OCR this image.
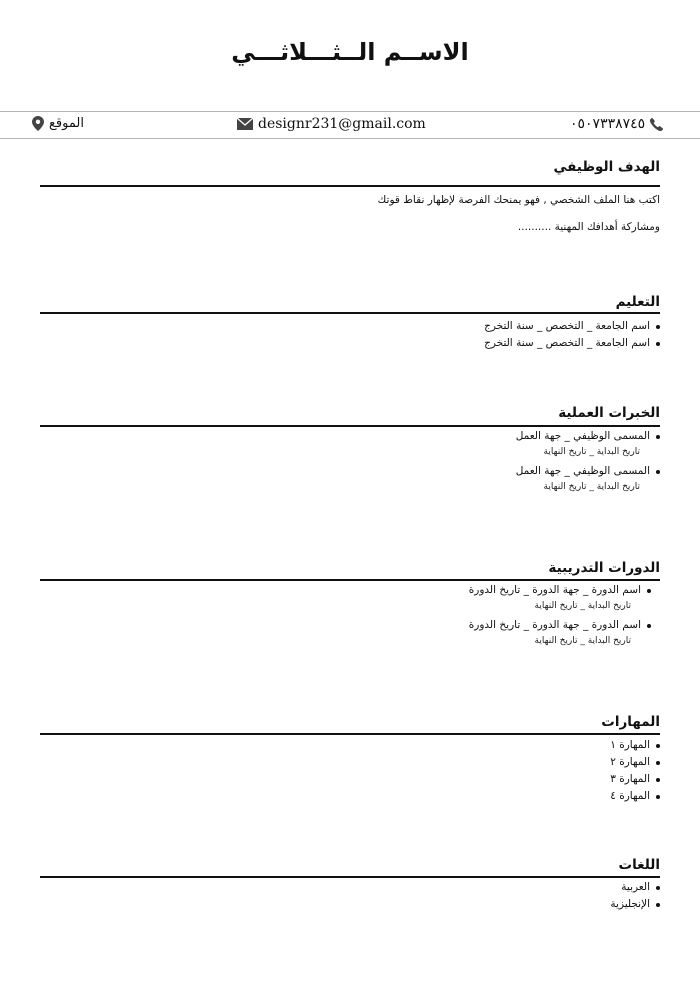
الاســم الــثـــلاثـــي
الموقع	designr231@gmail.com	٠٥٠٧٣٣٨٧٤٥
الهدف الوظيفي
اكتب هنا الملف الشخصي , فهو يمنحك الفرصة لإظهار نقاط قوتك
ومشاركة أهدافك المهنية ..........
التعليم
اسم الجامعة _ التخصص _ سنة التخرج
اسم الجامعة _ التخصص _ سنة التخرج
الخبرات العملية
المسمى الوظيفي _ جهة العمل
تاريخ البداية _ تاريخ النهاية
المسمى الوظيفي _ جهة العمل
تاريخ البداية _ تاريخ النهاية
الدورات التدريبية
اسم الدورة _ جهة الدورة _ تاريخ الدورة
تاريخ البداية _ تاريخ النهاية
اسم الدورة _ جهة الدورة _ تاريخ الدورة
تاريخ البداية _ تاريخ النهاية
المهارات
المهارة ١
المهارة ٢
المهارة ٣
المهارة ٤
اللغات
العربية
الإنجليزية
